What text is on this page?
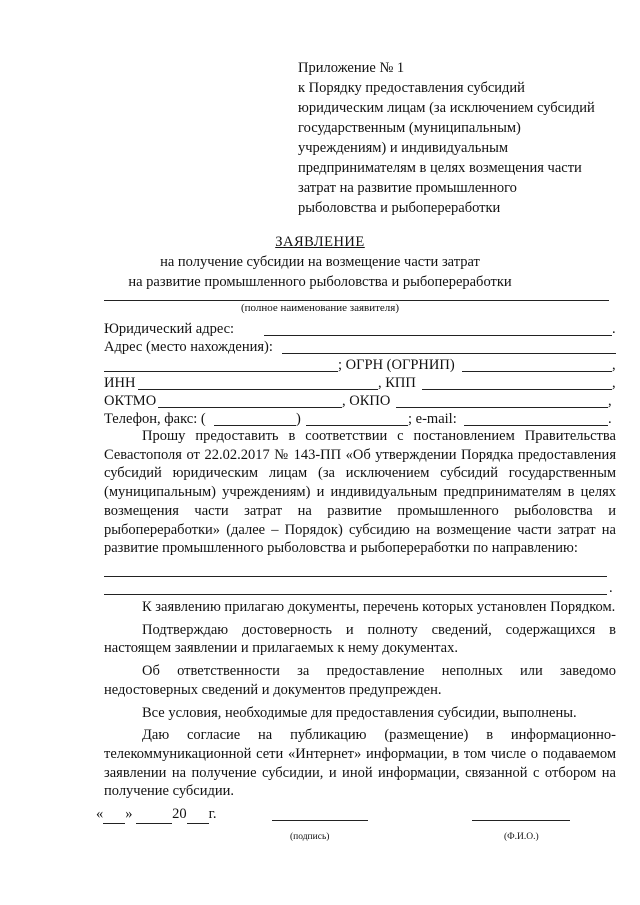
Приложение № 1
к Порядку предоставления субсидий
юридическим лицам (за исключением субсидий
государственным (муниципальным)
учреждениям) и индивидуальным
предпринимателям в целях возмещения части
затрат на развитие промышленного
рыболовства и рыбопереработки
ЗАЯВЛЕНИЕ
на получение субсидии на возмещение части затрат
на развитие промышленного рыболовства и рыбопереработки
(полное наименование заявителя)
Юридический адрес:	.
Адрес (место нахождения):
; ОГРН (ОГРНИП)	,
ИНН	, КПП	,
ОКТМО	, ОКПО	,
Телефон, факс: (	)	; e-mail:	.

Прошу предоставить в соответствии с постановлением Правительства Севастополя от 22.02.2017 № 143-ПП «Об утверждении Порядка предоставления субсидий юридическим лицам (за исключением субсидий государственным (муниципальным) учреждениям) и индивидуальным предпринимателям в целях возмещения части затрат на развитие промышленного рыболовства и рыбопереработки» (далее – Порядок) субсидию на возмещение части затрат на развитие промышленного рыболовства и рыбопереработки по направлению:

.

К заявлению прилагаю документы, перечень которых установлен Порядком.

Подтверждаю достоверность и полноту сведений, содержащихся в настоящем заявлении и прилагаемых к нему документах.

Об ответственности за предоставление неполных или заведомо недостоверных сведений и документов предупрежден.

Все условия, необходимые для предоставления субсидии, выполнены.

Даю согласие на публикацию (размещение) в информационно-телекоммуникационной сети «Интернет» информации, в том числе о подаваемом заявлении на получение субсидии, и иной информации, связанной с отбором на получение субсидии.

« »	20 г.
(подпись)	(Ф.И.О.)
